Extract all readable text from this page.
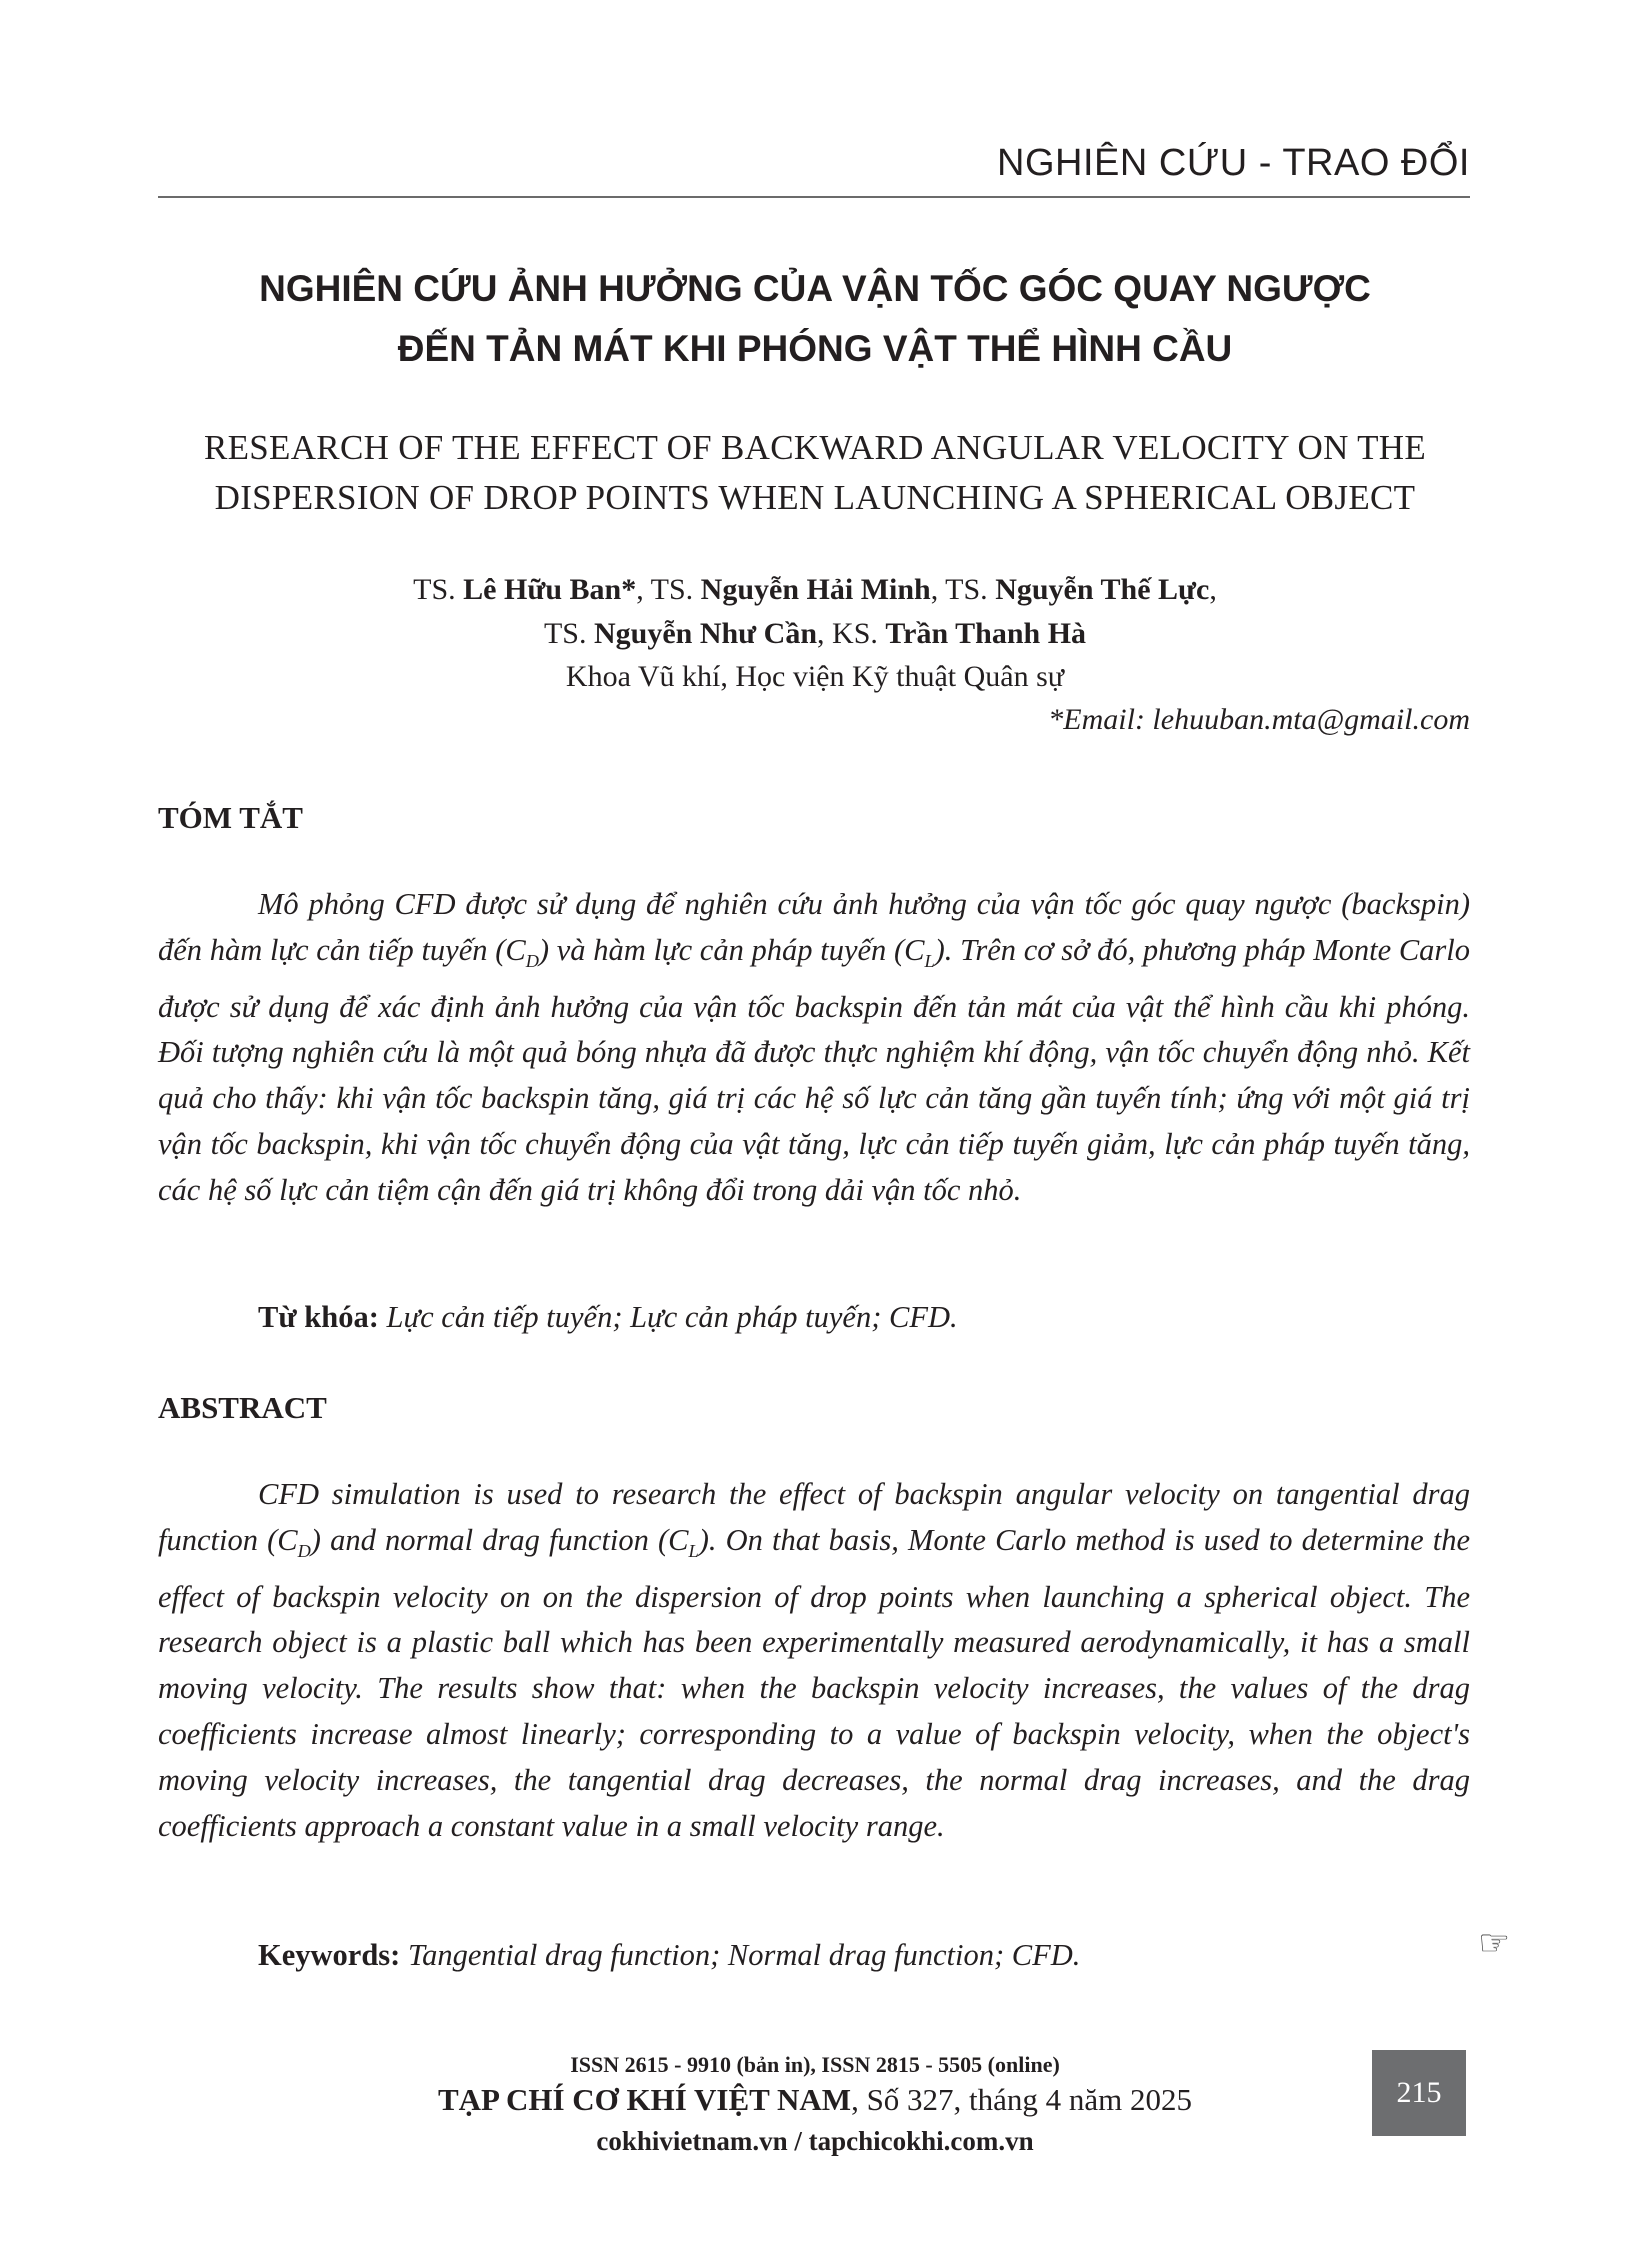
NGHIÊN CỨU - TRAO ĐỔI
NGHIÊN CỨU ẢNH HƯỞNG CỦA VẬN TỐC GÓC QUAY NGƯỢC
ĐẾN TẢN MÁT KHI PHÓNG VẬT THỂ HÌNH CẦU
RESEARCH OF THE EFFECT OF BACKWARD ANGULAR VELOCITY ON THE
DISPERSION OF DROP POINTS WHEN LAUNCHING A SPHERICAL OBJECT
TS. Lê Hữu Ban*, TS. Nguyễn Hải Minh, TS. Nguyễn Thế Lực,
TS. Nguyễn Như Cần, KS. Trần Thanh Hà
Khoa Vũ khí, Học viện Kỹ thuật Quân sự
*Email: lehuuban.mta@gmail.com
TÓM TẮT
Mô phỏng CFD được sử dụng để nghiên cứu ảnh hưởng của vận tốc góc quay ngược (backspin) đến hàm lực cản tiếp tuyến $(C_D)$ và hàm lực cản pháp tuyến $(C_L)$. Trên cơ sở đó, phương pháp Monte Carlo được sử dụng để xác định ảnh hưởng của vận tốc backspin đến tản mát của vật thể hình cầu khi phóng. Đối tượng nghiên cứu là một quả bóng nhựa đã được thực nghiệm khí động, vận tốc chuyển động nhỏ. Kết quả cho thấy: khi vận tốc backspin tăng, giá trị các hệ số lực cản tăng gần tuyến tính; ứng với một giá trị vận tốc backspin, khi vận tốc chuyển động của vật tăng, lực cản tiếp tuyến giảm, lực cản pháp tuyến tăng, các hệ số lực cản tiệm cận đến giá trị không đổi trong dải vận tốc nhỏ.
Từ khóa: Lực cản tiếp tuyến; Lực cản pháp tuyến; CFD.
ABSTRACT
CFD simulation is used to research the effect of backspin angular velocity on tangential drag function $(C_D)$ and normal drag function $(C_L)$. On that basis, Monte Carlo method is used to determine the effect of backspin velocity on on the dispersion of drop points when launching a spherical object. The research object is a plastic ball which has been experimentally measured aerodynamically, it has a small moving velocity. The results show that: when the backspin velocity increases, the values of the drag coefficients increase almost linearly; corresponding to a value of backspin velocity, when the object's moving velocity increases, the tangential drag decreases, the normal drag increases, and the drag coefficients approach a constant value in a small velocity range.
Keywords: Tangential drag function; Normal drag function; CFD.	☞
ISSN 2615 - 9910 (bản in), ISSN 2815 - 5505 (online)
TẠP CHÍ CƠ KHÍ VIỆT NAM, Số 327, tháng 4 năm 2025
cokhivietnam.vn / tapchicokhi.com.vn
215
